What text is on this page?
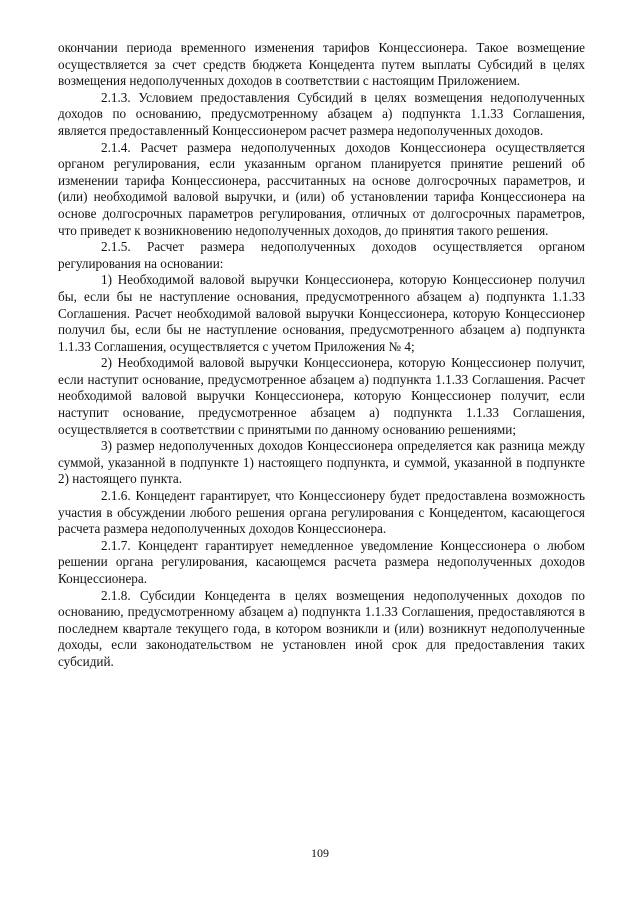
окончании периода временного изменения тарифов Концессионера. Такое возмещение осуществляется за счет средств бюджета Концедента путем выплаты Субсидий в целях возмещения недополученных доходов в соответствии с настоящим Приложением.

2.1.3. Условием предоставления Субсидий в целях возмещения недополученных доходов по основанию, предусмотренному абзацем а) подпункта 1.1.33 Соглашения, является предоставленный Концессионером расчет размера недополученных доходов.

2.1.4. Расчет размера недополученных доходов Концессионера осуществляется органом регулирования, если указанным органом планируется принятие решений об изменении тарифа Концессионера, рассчитанных на основе долгосрочных параметров, и (или) необходимой валовой выручки, и (или) об установлении тарифа Концессионера на основе долгосрочных параметров регулирования, отличных от долгосрочных параметров, что приведет к возникновению недополученных доходов, до принятия такого решения.

2.1.5. Расчет размера недополученных доходов осуществляется органом регулирования на основании:

1) Необходимой валовой выручки Концессионера, которую Концессионер получил бы, если бы не наступление основания, предусмотренного абзацем а) подпункта 1.1.33 Соглашения. Расчет необходимой валовой выручки Концессионера, которую Концессионер получил бы, если бы не наступление основания, предусмотренного абзацем а) подпункта 1.1.33 Соглашения, осуществляется с учетом Приложения № 4;

2) Необходимой валовой выручки Концессионера, которую Концессионер получит, если наступит основание, предусмотренное абзацем а) подпункта 1.1.33 Соглашения. Расчет необходимой валовой выручки Концессионера, которую Концессионер получит, если наступит основание, предусмотренное абзацем а) подпункта 1.1.33 Соглашения, осуществляется в соответствии с принятыми по данному основанию решениями;

3) размер недополученных доходов Концессионера определяется как разница между суммой, указанной в подпункте 1) настоящего подпункта, и суммой, указанной в подпункте 2) настоящего пункта.

2.1.6. Концедент гарантирует, что Концессионеру будет предоставлена возможность участия в обсуждении любого решения органа регулирования с Концедентом, касающегося расчета размера недополученных доходов Концессионера.

2.1.7. Концедент гарантирует немедленное уведомление Концессионера о любом решении органа регулирования, касающемся расчета размера недополученных доходов Концессионера.

2.1.8. Субсидии Концедента в целях возмещения недополученных доходов по основанию, предусмотренному абзацем а) подпункта 1.1.33 Соглашения, предоставляются в последнем квартале текущего года, в котором возникли и (или) возникнут недополученные доходы, если законодательством не установлен иной срок для предоставления таких субсидий.

109
